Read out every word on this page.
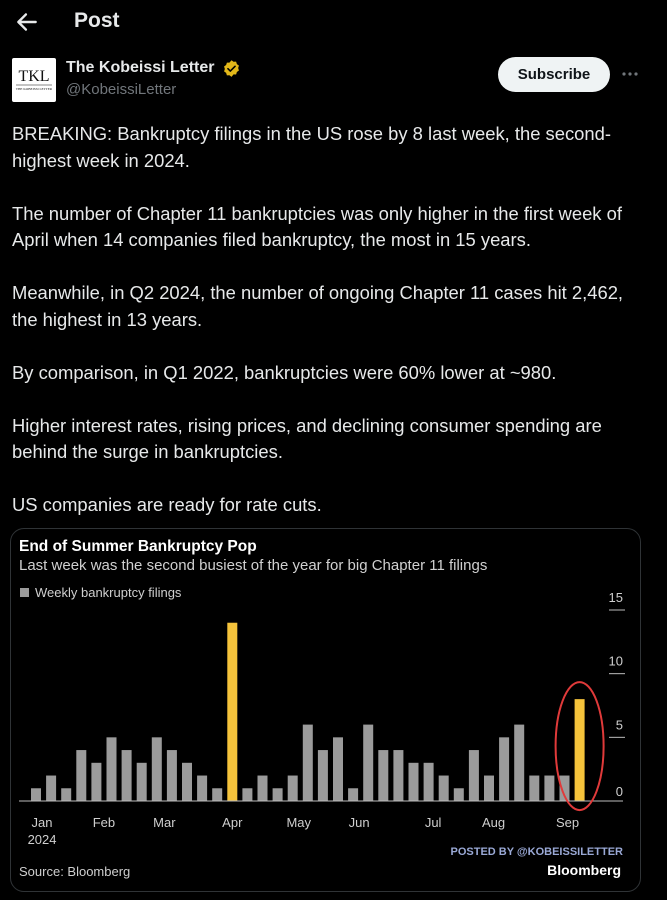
Post
TKL
THE KOBEISSI LETTER
The Kobeissi Letter
@KobeissiLetter
Subscribe

BREAKING: Bankruptcy filings in the US rose by 8 last week, the second-highest week in 2024.

The number of Chapter 11 bankruptcies was only higher in the first week of April when 14 companies filed bankruptcy, the most in 15 years.

Meanwhile, in Q2 2024, the number of ongoing Chapter 11 cases hit 2,462, the highest in 13 years.

By comparison, in Q1 2022, bankruptcies were 60% lower at ~980.

Higher interest rates, rising prices, and declining consumer spending are behind the surge in bankruptcies.

US companies are ready for rate cuts.

End of Summer Bankruptcy Pop
Last week was the second busiest of the year for big Chapter 11 filings
Weekly bankruptcy filings
0
5
10
15
Jan	Feb	Mar	Apr	May	Jun	Jul	Aug	Sep
2024
Source: Bloomberg
POSTED BY @KOBEISSILETTER
Bloomberg
